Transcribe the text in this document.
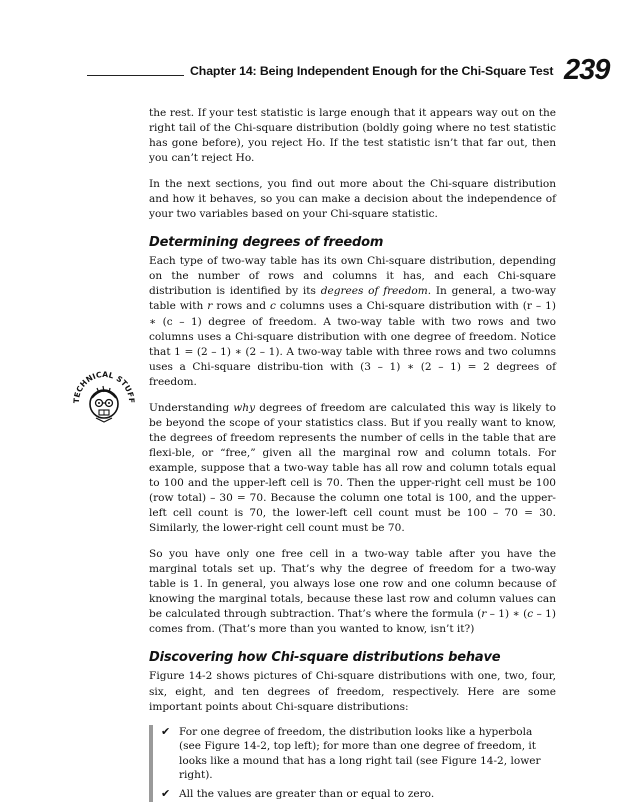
Chapter 14: Being Independent Enough for the Chi-Square Test 239
TECHNICAL STUFF

the rest. If your test statistic is large enough that it appears way out on the right tail of the Chi-square distribution (boldly going where no test statistic has gone before), you reject Ho. If the test statistic isn’t that far out, then you can’t reject Ho.

In the next sections, you find out more about the Chi-square distribution and how it behaves, so you can make a decision about the independence of your two variables based on your Chi-square statistic.

Determining degrees of freedom

Each type of two-way table has its own Chi-square distribution, depending on the number of rows and columns it has, and each Chi-square distribution is identified by its degrees of freedom. In general, a two-way table with r rows and c columns uses a Chi-square distribution with (r – 1) ∗ (c – 1) degree of freedom. A two-way table with two rows and two columns uses a Chi-square distribution with one degree of freedom. Notice that 1 = (2 – 1) ∗ (2 – 1). A two-way table with three rows and two columns uses a Chi-square distribu-tion with (3 – 1) ∗ (2 – 1) = 2 degrees of freedom.

Understanding why degrees of freedom are calculated this way is likely to be beyond the scope of your statistics class. But if you really want to know, the degrees of freedom represents the number of cells in the table that are flexi-ble, or “free,” given all the marginal row and column totals. For example, suppose that a two-way table has all row and column totals equal to 100 and the upper-left cell is 70. Then the upper-right cell must be 100 (row total) – 30 = 70. Because the column one total is 100, and the upper-left cell count is 70, the lower-left cell count must be 100 – 70 = 30. Similarly, the lower-right cell count must be 70.

So you have only one free cell in a two-way table after you have the marginal totals set up. That’s why the degree of freedom for a two-way table is 1. In general, you always lose one row and one column because of knowing the marginal totals, because these last row and column values can be calculated through subtraction. That’s where the formula (r – 1) ∗ (c – 1) comes from. (That’s more than you wanted to know, isn’t it?)

Discovering how Chi-square distributions behave

Figure 14-2 shows pictures of Chi-square distributions with one, two, four, six, eight, and ten degrees of freedom, respectively. Here are some important points about Chi-square distributions:

✔ For one degree of freedom, the distribution looks like a hyperbola (see Figure 14-2, top left); for more than one degree of freedom, it looks like a mound that has a long right tail (see Figure 14-2, lower right).
✔ All the values are greater than or equal to zero.
